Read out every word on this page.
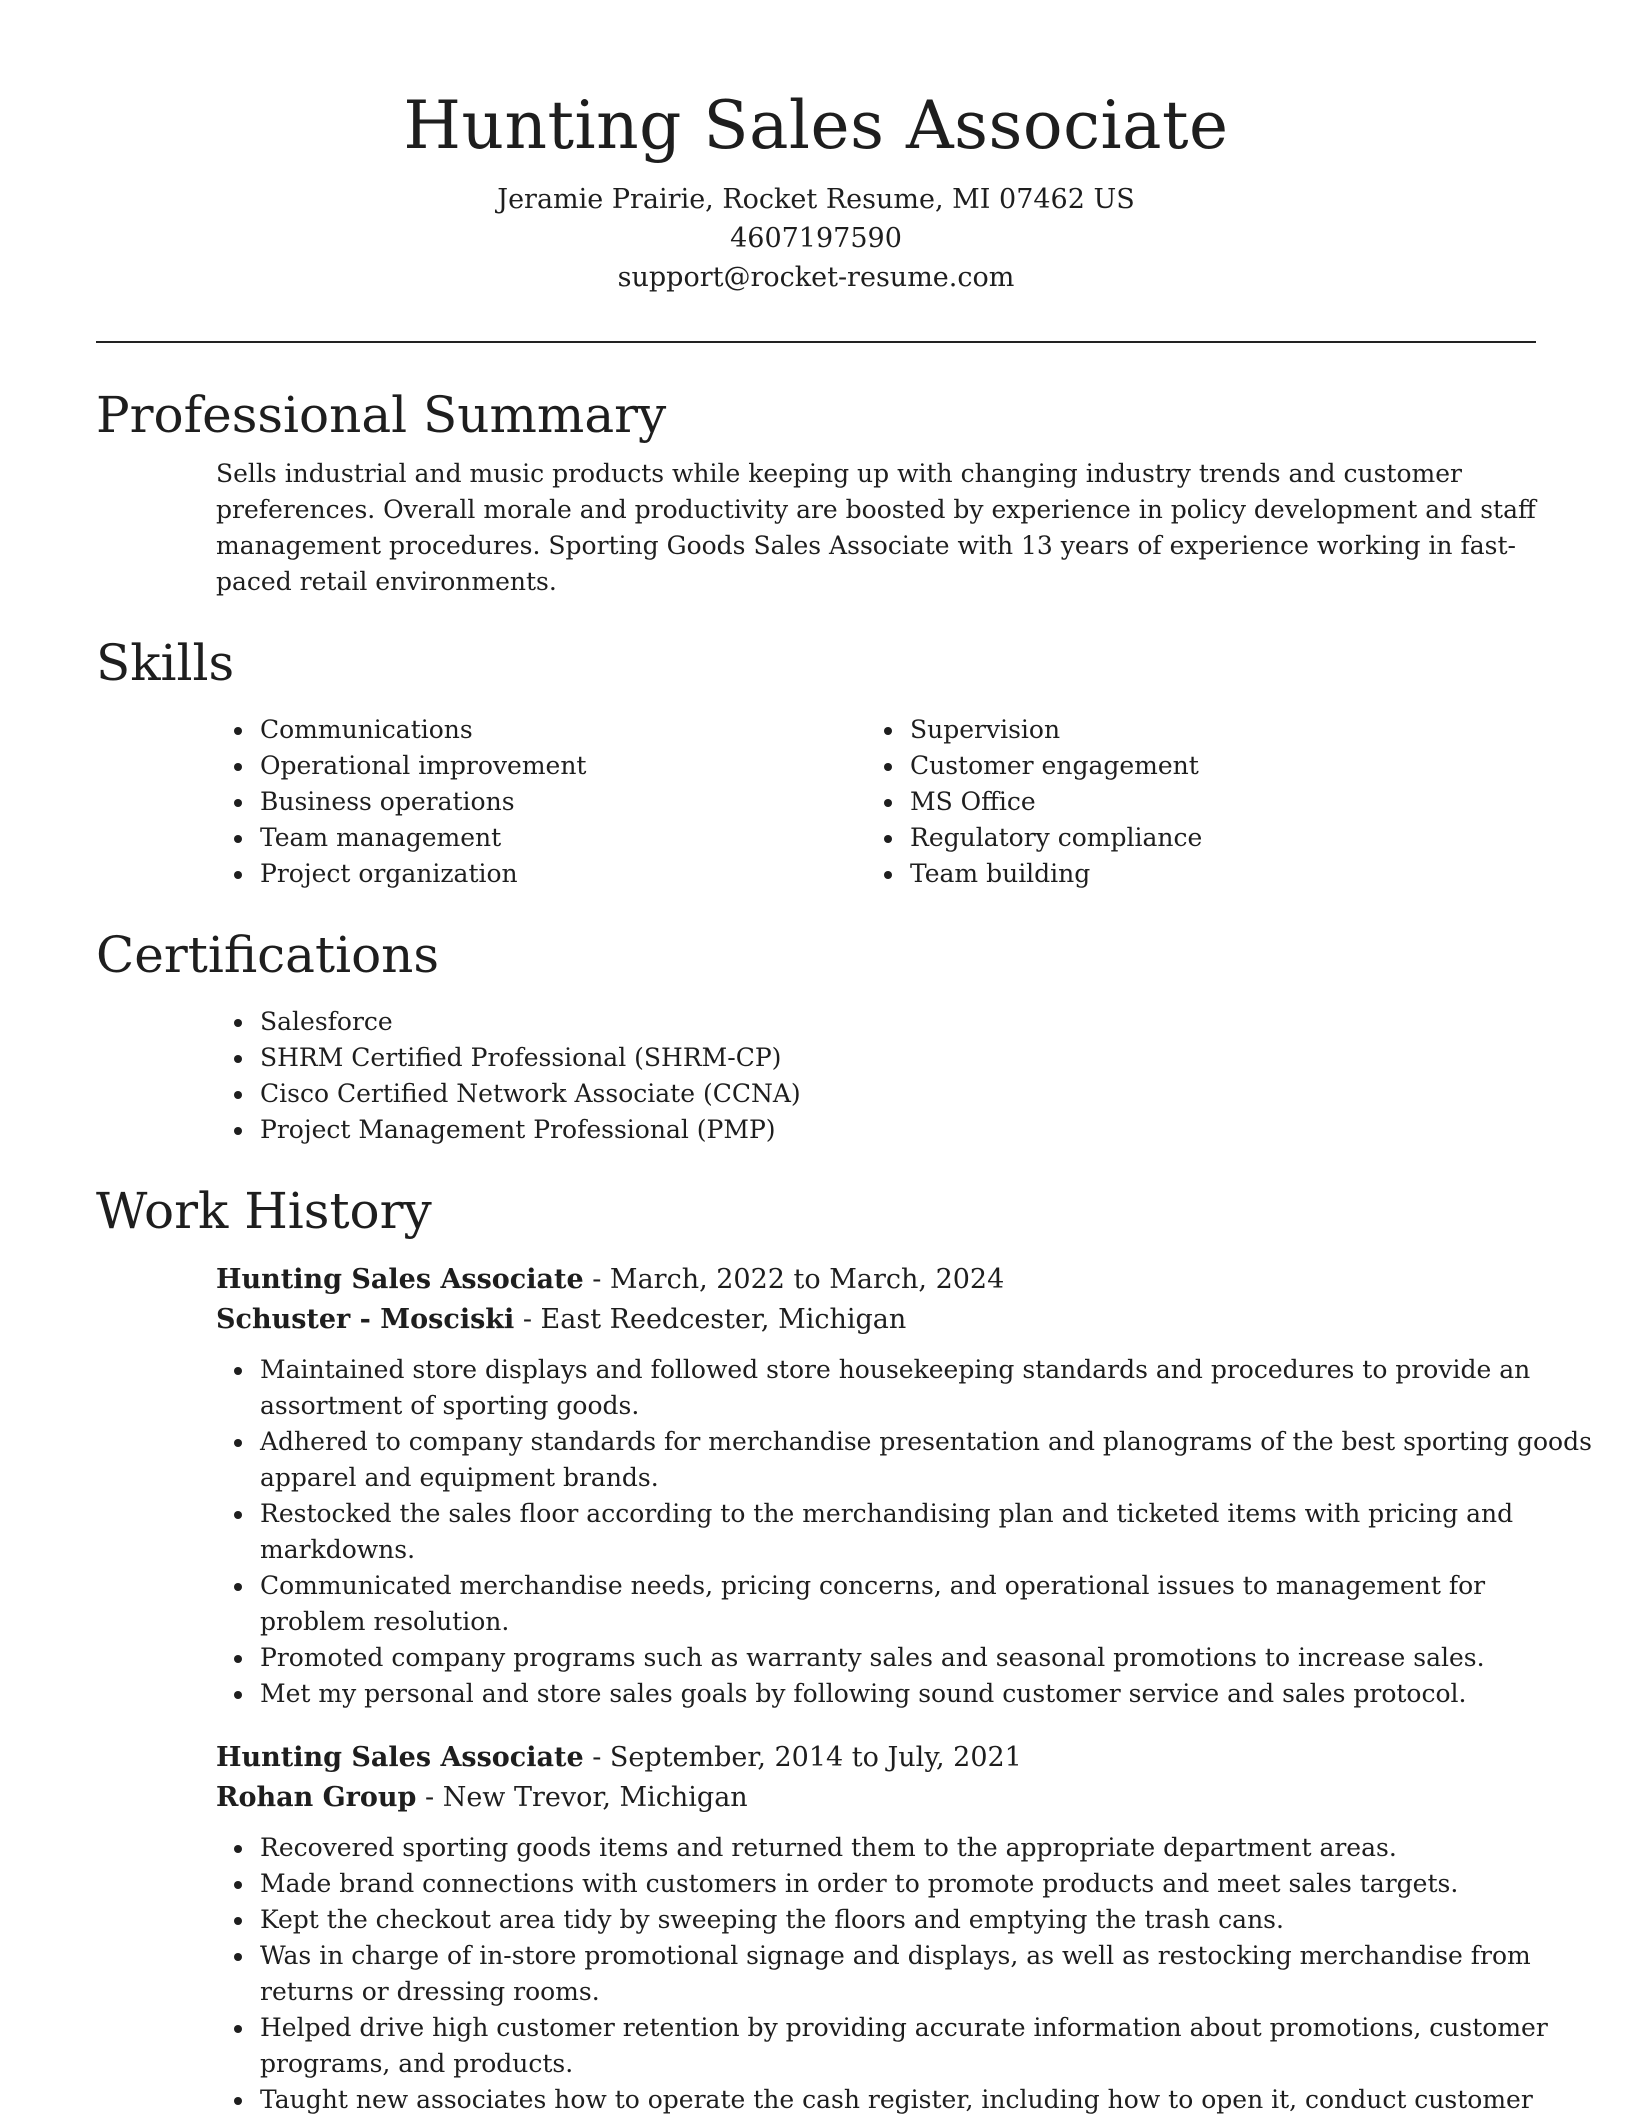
Hunting Sales Associate

Jeramie Prairie, Rocket Resume, MI 07462 US

4607197590

support@rocket-resume.com

Professional Summary

Sells industrial and music products while keeping up with changing industry trends and customer preferences. Overall morale and productivity are boosted by experience in policy development and staff management procedures. Sporting Goods Sales Associate with 13 years of experience working in fast-paced retail environments.

Skills
• Communications
• Operational improvement
• Business operations
• Team management
• Project organization
• Supervision
• Customer engagement
• MS Office
• Regulatory compliance
• Team building
Certifications
• Salesforce
• SHRM Certified Professional (SHRM-CP)
• Cisco Certified Network Associate (CCNA)
• Project Management Professional (PMP)
Work History

Hunting Sales Associate - March, 2022 to March, 2024

Schuster - Mosciski - East Reedcester, Michigan

• Maintained store displays and followed store housekeeping standards and procedures to provide an assortment of sporting goods.
• Adhered to company standards for merchandise presentation and planograms of the best sporting goods apparel and equipment brands.
• Restocked the sales floor according to the merchandising plan and ticketed items with pricing and markdowns.
• Communicated merchandise needs, pricing concerns, and operational issues to management for problem resolution.
• Promoted company programs such as warranty sales and seasonal promotions to increase sales.
• Met my personal and store sales goals by following sound customer service and sales protocol.

Hunting Sales Associate - September, 2014 to July, 2021

Rohan Group - New Trevor, Michigan

• Recovered sporting goods items and returned them to the appropriate department areas.
• Made brand connections with customers in order to promote products and meet sales targets.
• Kept the checkout area tidy by sweeping the floors and emptying the trash cans.
• Was in charge of in-store promotional signage and displays, as well as restocking merchandise from returns or dressing rooms.
• Helped drive high customer retention by providing accurate information about promotions, customer programs, and products.
• Taught new associates how to operate the cash register, including how to open it, conduct customer
